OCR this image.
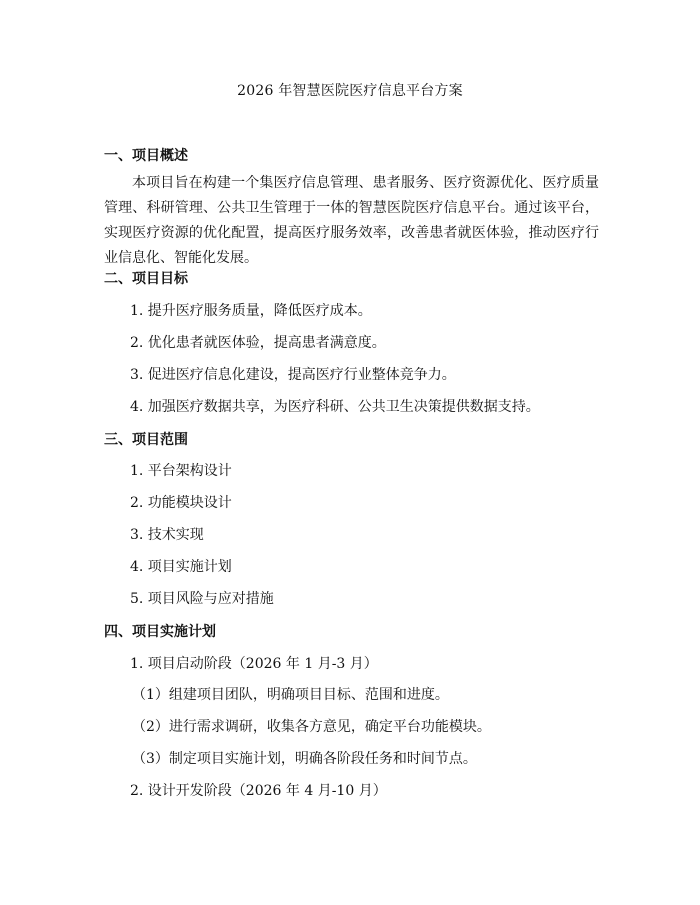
2026 年智慧医院医疗信息平台方案
一、项目概述

本项目旨在构建一个集医疗信息管理、患者服务、医疗资源优化、医疗质量管理、科研管理、公共卫生管理于一体的智慧医院医疗信息平台。通过该平台，实现医疗资源的优化配置，提高医疗服务效率，改善患者就医体验，推动医疗行业信息化、智能化发展。

二、项目目标
1. 提升医疗服务质量，降低医疗成本。
2. 优化患者就医体验，提高患者满意度。
3. 促进医疗信息化建设，提高医疗行业整体竞争力。
4. 加强医疗数据共享，为医疗科研、公共卫生决策提供数据支持。
三、项目范围
1. 平台架构设计
2. 功能模块设计
3. 技术实现
4. 项目实施计划
5. 项目风险与应对措施
四、项目实施计划
1. 项目启动阶段（2026 年 1 月-3 月）
（1）组建项目团队，明确项目目标、范围和进度。
（2）进行需求调研，收集各方意见，确定平台功能模块。
（3）制定项目实施计划，明确各阶段任务和时间节点。
2. 设计开发阶段（2026 年 4 月-10 月）
